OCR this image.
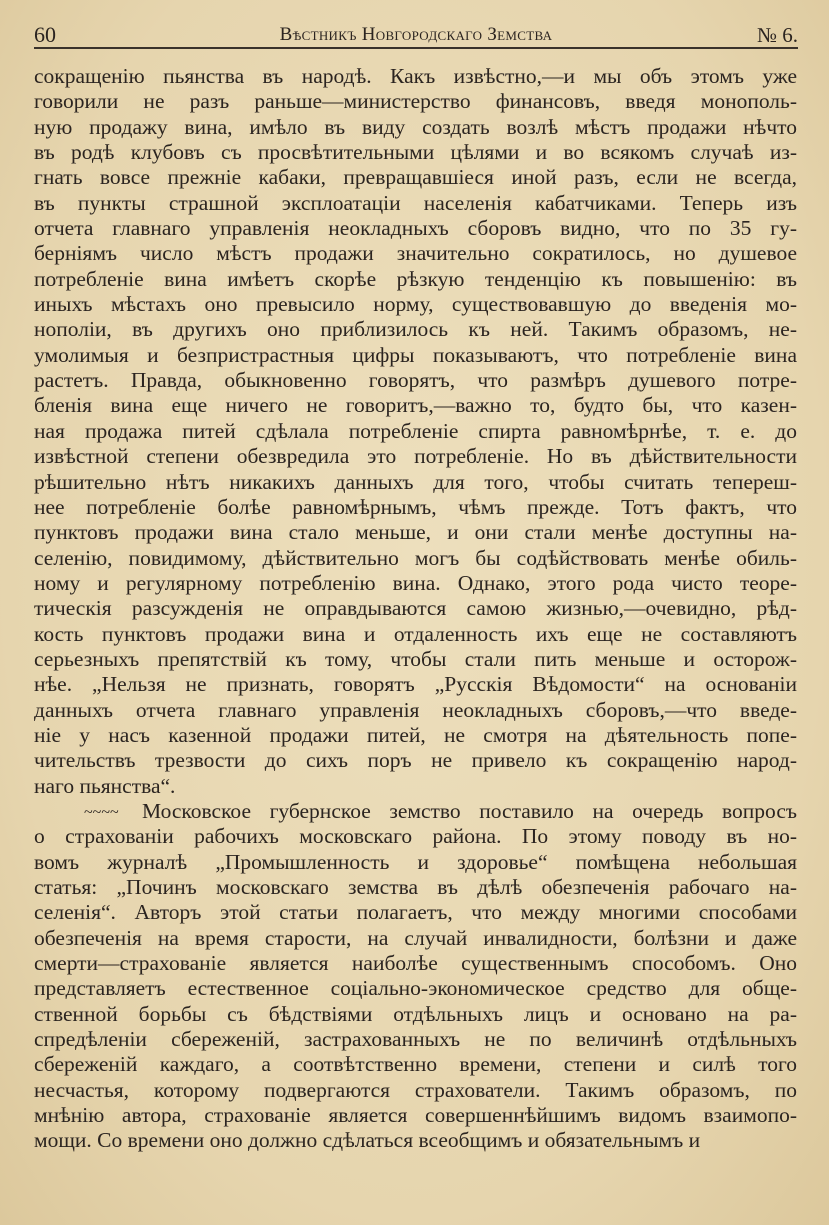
60	Вѣстникъ Новгородскаго Земства	№ 6.
сокращенію пьянства въ народѣ. Какъ извѣстно,—и мы объ этомъ уже
говорили не разъ раньше—министерство финансовъ, введя монополь-
ную продажу вина, имѣло въ виду создать возлѣ мѣстъ продажи нѣчто
въ родѣ клубовъ съ просвѣтительными цѣлями и во всякомъ случаѣ из-
гнать вовсе прежніе кабаки, превращавшіеся иной разъ, если не всегда,
въ пункты страшной эксплоатаціи населенія кабатчиками. Теперь изъ
отчета главнаго управленія неокладныхъ сборовъ видно, что по 35 гу-
берніямъ число мѣстъ продажи значительно сократилось, но душевое
потребленіе вина имѣетъ скорѣе рѣзкую тенденцію къ повышенію: въ
иныхъ мѣстахъ оно превысило норму, существовавшую до введенія мо-
нополіи, въ другихъ оно приблизилось къ ней. Такимъ образомъ, не-
умолимыя и безпристрастныя цифры показываютъ, что потребленіе вина
растетъ. Правда, обыкновенно говорятъ, что размѣръ душевого потре-
бленія вина еще ничего не говоритъ,—важно то, будто бы, что казен-
ная продажа питей сдѣлала потребленіе спирта равномѣрнѣе, т. е. до
извѣстной степени обезвредила это потребленіе. Но въ дѣйствительности
рѣшительно нѣтъ никакихъ данныхъ для того, чтобы считать тепереш-
нее потребленіе болѣе равномѣрнымъ, чѣмъ прежде. Тотъ фактъ, что
пунктовъ продажи вина стало меньше, и они стали менѣе доступны на-
селенію, повидимому, дѣйствительно могъ бы содѣйствовать менѣе обиль-
ному и регулярному потребленію вина. Однако, этого рода чисто теоре-
тическія разсужденія не оправдываются самою жизнью,—очевидно, рѣд-
кость пунктовъ продажи вина и отдаленность ихъ еще не составляютъ
серьезныхъ препятствій къ тому, чтобы стали пить меньше и осторож-
нѣе. „Нельзя не признать, говорятъ „Русскія Вѣдомости“ на основаніи
данныхъ отчета главнаго управленія неокладныхъ сборовъ,—что введе-
ніе у насъ казенной продажи питей, не смотря на дѣятельность попе-
чительствъ трезвости до сихъ поръ не привело къ сокращенію народ-
наго пьянства“.
~~~~ Московское губернское земство поставило на очередь вопросъ
о страхованіи рабочихъ московскаго района. По этому поводу въ но-
вомъ журналѣ „Промышленность и здоровье“ помѣщена небольшая
статья: „Починъ московскаго земства въ дѣлѣ обезпеченія рабочаго на-
селенія“. Авторъ этой статьи полагаетъ, что между многими способами
обезпеченія на время старости, на случай инвалидности, болѣзни и даже
смерти—страхованіе является наиболѣе существеннымъ способомъ. Оно
представляетъ естественное соціально-экономическое средство для обще-
ственной борьбы съ бѣдствіями отдѣльныхъ лицъ и основано на ра-
спредѣленіи сбереженій, застрахованныхъ не по величинѣ отдѣльныхъ
сбереженій каждаго, а соотвѣтственно времени, степени и силѣ того
несчастья, которому подвергаются страхователи. Такимъ образомъ, по
мнѣнію автора, страхованіе является совершеннѣйшимъ видомъ взаимопо-
мощи. Со времени оно должно сдѣлаться всеобщимъ и обязательнымъ и
